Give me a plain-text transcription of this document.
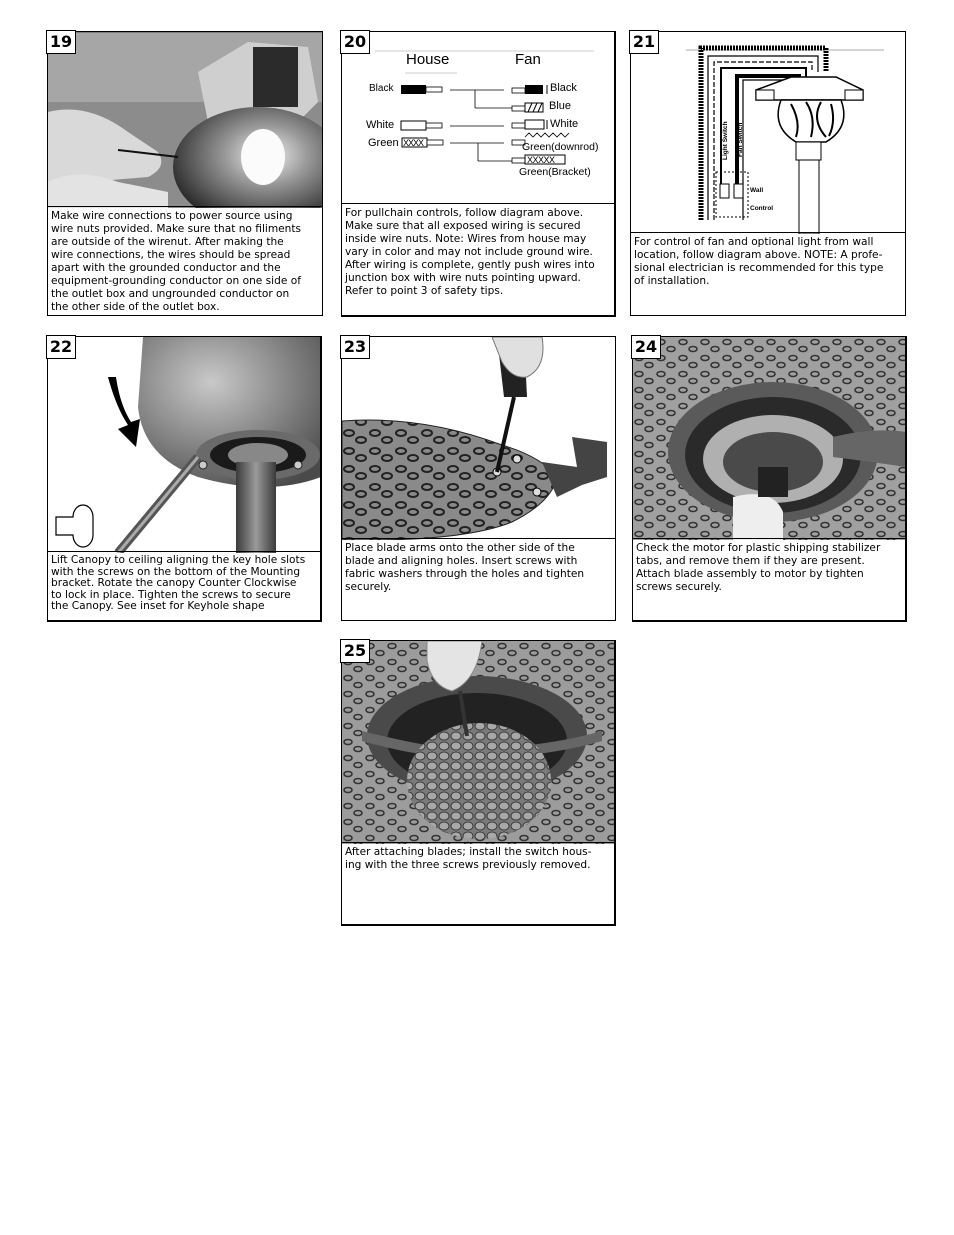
19
Make wire connections to power source using
wire nuts provided. Make sure that no filiments
are outside of the wirenut. After making the
wire connections, the wires should be spread
apart with the grounded conductor and the
equipment-grounding conductor on one side of
the outlet box and ungrounded conductor on
the other side of the outlet box.
20
House	Fan
Black
White
Green XXXX
Black
Blue
White
Green(downrod)
XXXXX
Green(Bracket)
For pullchain controls, follow diagram above.
Make sure that all exposed wiring is secured
inside wire nuts. Note: Wires from house may
vary in color and may not include ground wire.
After wiring is complete, gently push wires into
junction box with wire nuts pointing upward.
Refer to point 3 of safety tips.
21
Light Switch Fan Switch
Wall
Control
For control of fan and optional light from wall
location, follow diagram above. NOTE: A profe-
sional electrician is recommended for this type
of installation.
22
Lift Canopy to ceiling aligning the key hole slots
with the screws on the bottom of the Mounting
bracket. Rotate the canopy Counter Clockwise
to lock in place. Tighten the screws to secure
the Canopy. See inset for Keyhole shape
23
Place blade arms onto the other side of the
blade and aligning holes. Insert screws with
fabric washers through the holes and tighten
securely.
24
Check the motor for plastic shipping stabilizer
tabs, and remove them if they are present.
Attach blade assembly to motor by tighten
screws securely.
25
After attaching blades; install the switch hous-
ing with the three screws previously removed.
